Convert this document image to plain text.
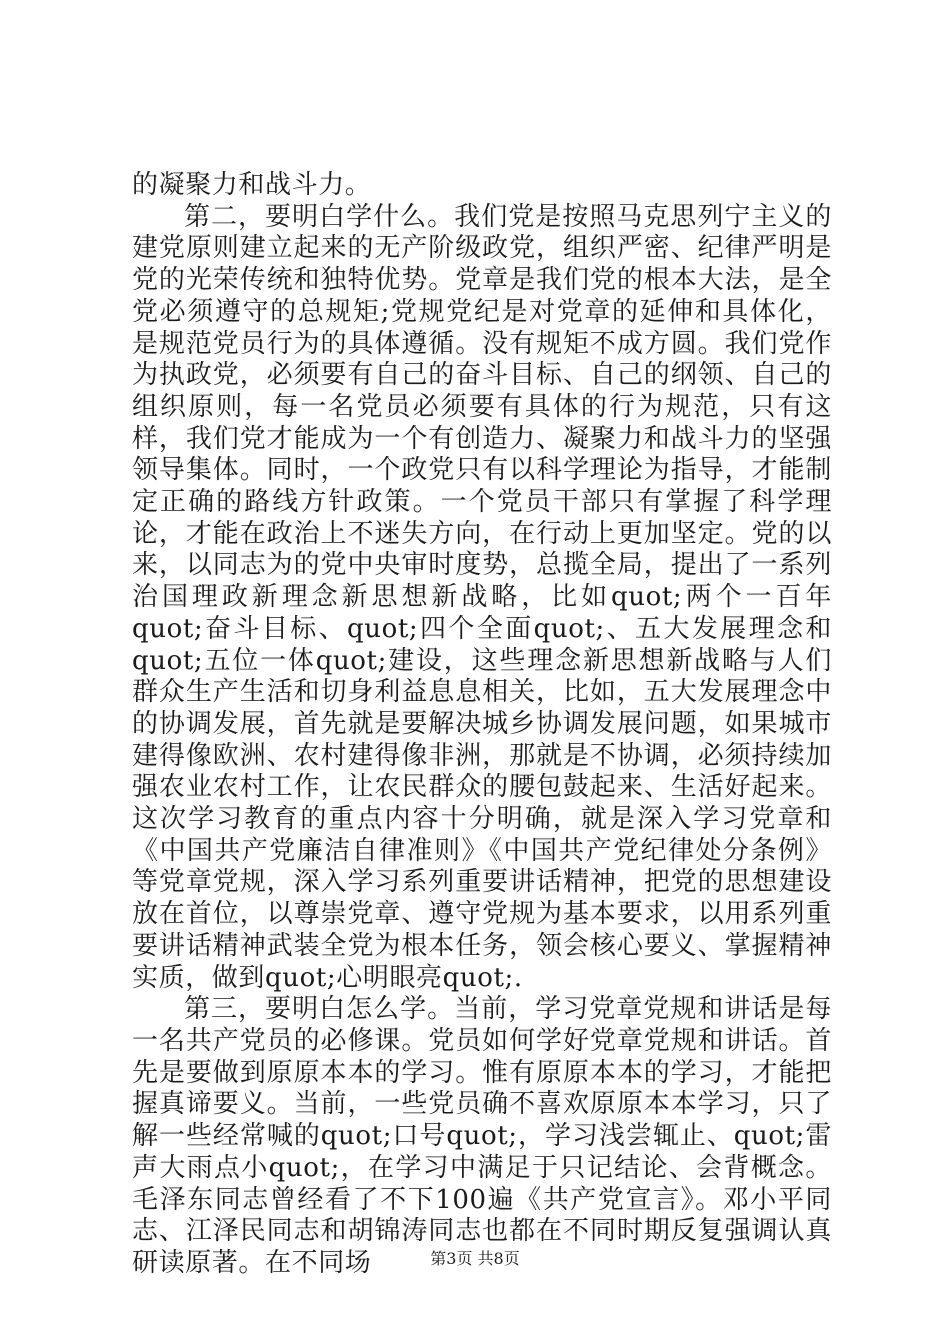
的凝聚力和战斗力。

第二，要明白学什么。我们党是按照马克思列宁主义的建党原则建立起来的无产阶级政党，组织严密、纪律严明是党的光荣传统和独特优势。党章是我们党的根本大法，是全党必须遵守的总规矩;党规党纪是对党章的延伸和具体化，是规范党员行为的具体遵循。没有规矩不成方圆。我们党作为执政党，必须要有自己的奋斗目标、自己的纲领、自己的组织原则，每一名党员必须要有具体的行为规范，只有这样，我们党才能成为一个有创造力、凝聚力和战斗力的坚强领导集体。同时，一个政党只有以科学理论为指导，才能制定正确的路线方针政策。一个党员干部只有掌握了科学理论，才能在政治上不迷失方向，在行动上更加坚定。党的以来，以同志为的党中央审时度势，总揽全局，提出了一系列治国理政新理念新思想新战略，比如quot;两个一百年quot;奋斗目标、quot;四个全面quot;、五大发展理念和quot;五位一体quot;建设，这些理念新思想新战略与人们群众生产生活和切身利益息息相关，比如，五大发展理念中的协调发展，首先就是要解决城乡协调发展问题，如果城市建得像欧洲、农村建得像非洲，那就是不协调，必须持续加强农业农村工作，让农民群众的腰包鼓起来、生活好起来。这次学习教育的重点内容十分明确，就是深入学习党章和《中国共产党廉洁自律准则》《中国共产党纪律处分条例》等党章党规，深入学习系列重要讲话精神，把党的思想建设放在首位，以尊崇党章、遵守党规为基本要求，以用系列重要讲话精神武装全党为根本任务，领会核心要义、掌握精神实质，做到quot;心明眼亮quot;.

第三，要明白怎么学。当前，学习党章党规和讲话是每一名共产党员的必修课。党员如何学好党章党规和讲话。首先是要做到原原本本的学习。惟有原原本本的学习，才能把握真谛要义。当前，一些党员确不喜欢原原本本学习，只了解一些经常喊的quot;口号quot;，学习浅尝辄止、quot;雷声大雨点小quot;，在学习中满足于只记结论、会背概念。毛泽东同志曾经看了不下100遍《共产党宣言》。邓小平同志、江泽民同志和胡锦涛同志也都在不同时期反复强调认真研读原著。在不同场	第3页 共8页
